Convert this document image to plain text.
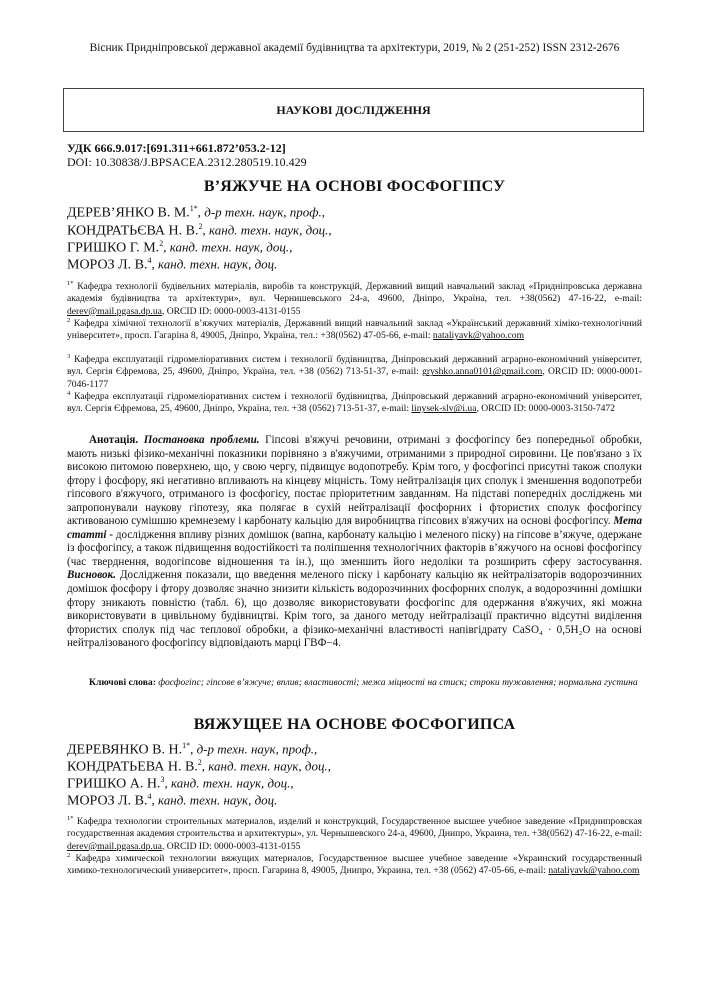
Вісник Придніпровської державної академії будівництва та архітектури, 2019, № 2 (251-252) ISSN 2312-2676
НАУКОВІ ДОСЛІДЖЕННЯ
УДК 666.9.017:[691.311+661.872’053.2-12]
DOI: 10.30838/J.BPSACEA.2312.280519.10.429
В’ЯЖУЧЕ НА ОСНОВІ ФОСФОГІПСУ
ДЕРЕВ’ЯНКО В. М.$^{1*}$, д-р техн. наук, проф.,
КОНДРАТЬЄВА Н. В.$^2$, канд. техн. наук, доц.,
ГРИШКО Г. М.$^2$, канд. техн. наук, доц.,
МОРОЗ Л. В.$^4$, канд. техн. наук, доц.
$^{1*}$ Кафедра технології будівельних матеріалів, виробів та конструкцій, Державний вищий навчальний заклад «Придніпровська державна академія будівництва та архітектури», вул. Чернишевського 24-а, 49600, Дніпро, Україна, тел. +38(0562) 47-16-22, e-mail: derev@mail.pgasa.dp.ua, ORCID ID: 0000-0003-4131-0155
$^2$ Кафедра хімічної технології в’яжучих матеріалів, Державний вищий навчальний заклад «Український державний хіміко-технологічний університет», просп. Гагаріна 8, 49005, Дніпро, Україна, тел.: +38(0562) 47-05-66, e-mail: nataliyavk@yahoo.com
$^3$ Кафедра експлуатації гідромеліоративних систем і технології будівництва, Дніпровський державний аграрно-економічний університет, вул. Сергія Єфремова, 25, 49600, Дніпро, Україна, тел. +38 (0562) 713-51-37, e-mail: gryshko.anna0101@gmail.com, ORCID ID: 0000-0001-7046-1177
$^4$ Кафедра експлуатації гідромеліоративних систем і технології будівництва, Дніпровський державний аграрно-економічний університет, вул. Сергія Єфремова, 25, 49600, Дніпро, Україна, тел. +38 (0562) 713-51-37, e-mail: linysek-slv@i.ua, ORCID ID: 0000-0003-3150-7472
Анотація. Постановка проблеми. Гіпсові в'яжучі речовини, отримані з фосфогіпсу без попередньої обробки, мають низькі фізико-механічні показники порівняно з в'яжучими, отриманими з природної сировини. Це пов'язано з їх високою питомою поверхнею, що, у свою чергу, підвищує водопотребу. Крім того, у фосфогіпсі присутні також сполуки фтору і фосфору, які негативно впливають на кінцеву міцність. Тому нейтралізація цих сполук і зменшення водопотреби гіпсового в'яжучого, отриманого із фосфогісу, постає пріоритетним завданням. На підставі попередніх досліджень ми запропонували наукову гіпотезу, яка полягає в сухій нейтралізації фосфорних і фтористих сполук фосфогіпсу активованою сумішшю кремнезему і карбонату кальцію для виробництва гіпсових в'яжучих на основі фосфогіпсу. Мета статті - дослідження впливу різних домішок (вапна, карбонату кальцію і меленого піску) на гіпсове в’яжуче, одержане із фосфогіпсу, а також підвищення водостійкості та поліпшення технологічних факторів в’яжучого на основі фосфогіпсу (час тверднення, водогіпсове відношення та ін.), що зменшить його недоліки та розширить сферу застосування. Висновок. Дослідження показали, що введення меленого піску і карбонату кальцію як нейтралізаторів водорозчинних домішок фосфору і фтору дозволяє значно знизити кількість водорозчинних фосфорних сполук, а водорозчинні домішки фтору зникають повністю (табл. 6), що дозволяє використовувати фосфогіпс для одержання в'яжучих, які можна використовувати в цивільному будівництві. Крім того, за даного методу нейтралізації практично відсутні виділення фтористих сполук під час теплової обробки, а фізико-механічні властивості напівгідрату CaSO₄ · 0,5H₂O на основі нейтралізованого фосфогіпсу відповідають марці ГВФ−4.
Ключові слова: фосфогіпс; гіпсове в’яжуче; вплив; властивості; межа міцності на стиск; строки тужавлення; нормальна густина
ВЯЖУЩЕЕ НА ОСНОВЕ ФОСФОГИПСА
ДЕРЕВЯНКО В. Н.$^{1*}$, д-р техн. наук, проф.,
КОНДРАТЬЕВА Н. В.$^2$, канд. техн. наук, доц.,
ГРИШКО А. Н.$^3$, канд. техн. наук, доц.,
МОРОЗ Л. В.$^4$, канд. техн. наук, доц.
$^{1*}$ Кафедра технологии строительных материалов, изделий и конструкций, Государственное высшее учебное заведение «Приднипровская государственная академия строительства и архитектуры», ул. Чернышевского 24-а, 49600, Днипро, Украина, тел. +38(0562) 47-16-22, e-mail: derev@mail.pgasa.dp.ua, ORCID ID: 0000-0003-4131-0155
$^2$ Кафедра химической технологии вяжущих материалов, Государственное высшее учебное заведение «Украинский государственный химико-технологический университет», просп. Гагарина 8, 49005, Днипро, Украина, тел. +38 (0562) 47-05-66, e-mail: nataliyavk@yahoo.com
